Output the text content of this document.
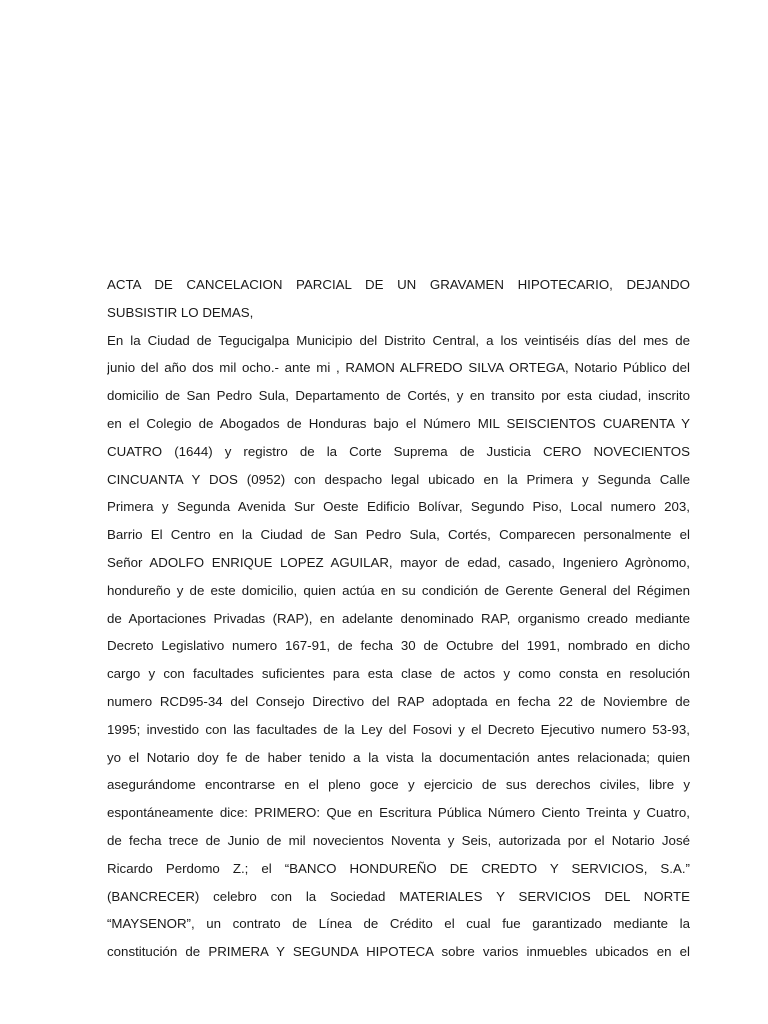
ACTA DE CANCELACION PARCIAL DE UN GRAVAMEN HIPOTECARIO, DEJANDO
SUBSISTIR LO DEMAS,
En la Ciudad de Tegucigalpa Municipio del Distrito Central, a los veintiséis días del mes de
junio del año dos mil ocho.- ante mi , RAMON ALFREDO SILVA ORTEGA, Notario Público del
domicilio de San Pedro Sula, Departamento de Cortés, y en transito por esta ciudad, inscrito
en el Colegio de Abogados de Honduras bajo el Número MIL SEISCIENTOS CUARENTA Y
CUATRO (1644) y registro de la Corte Suprema de Justicia CERO NOVECIENTOS
CINCUANTA Y DOS (0952) con despacho legal ubicado en la Primera y Segunda Calle
Primera y Segunda Avenida Sur Oeste Edificio Bolívar, Segundo Piso, Local numero 203,
Barrio El Centro en la Ciudad de San Pedro Sula, Cortés, Comparecen personalmente el
Señor ADOLFO ENRIQUE LOPEZ AGUILAR, mayor de edad, casado, Ingeniero Agrònomo,
hondureño y de este domicilio, quien actúa en su condición de Gerente General del Régimen
de Aportaciones Privadas (RAP), en adelante denominado RAP, organismo creado mediante
Decreto Legislativo numero 167-91, de fecha 30 de Octubre del 1991, nombrado en dicho
cargo y con facultades suficientes para esta clase de actos y como consta en resolución
numero RCD95-34 del Consejo Directivo del RAP adoptada en fecha 22 de Noviembre de
1995; investido con las facultades de la Ley del Fosovi y el Decreto Ejecutivo numero 53-93,
yo el Notario doy fe de haber tenido a la vista la documentación antes relacionada; quien
asegurándome encontrarse en el pleno goce y ejercicio de sus derechos civiles, libre y
espontáneamente dice: PRIMERO: Que en Escritura Pública Número Ciento Treinta y Cuatro,
de fecha trece de Junio de mil novecientos Noventa y Seis, autorizada por el Notario José
Ricardo Perdomo Z.; el “BANCO HONDUREÑO DE CREDTO Y SERVICIOS, S.A.”
(BANCRECER) celebro con la Sociedad MATERIALES Y SERVICIOS DEL NORTE
“MAYSENOR”, un contrato de Línea de Crédito el cual fue garantizado mediante la
constitución de PRIMERA Y SEGUNDA HIPOTECA sobre varios inmuebles ubicados en el
